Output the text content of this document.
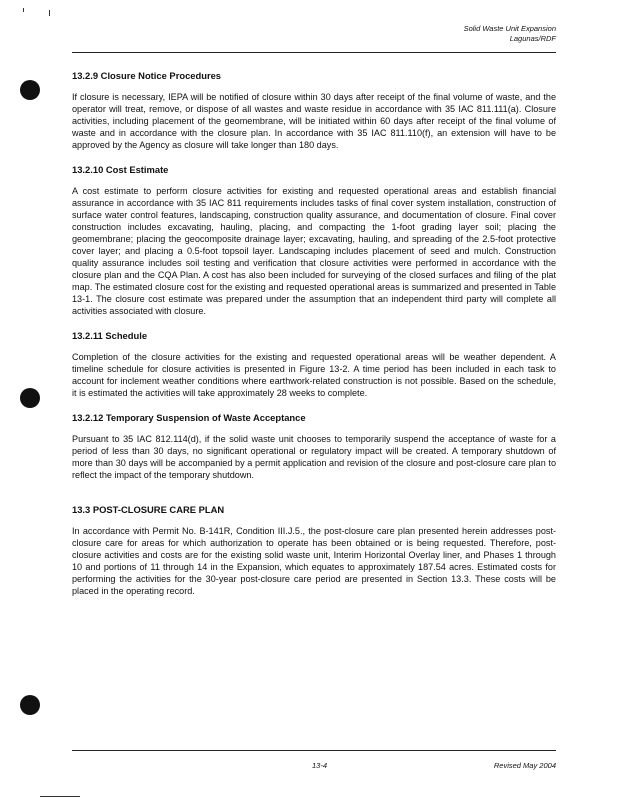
Solid Waste Unit Expansion
Lagunas/RDF
13.2.9 Closure Notice Procedures

If closure is necessary, IEPA will be notified of closure within 30 days after receipt of the final volume of waste, and the operator will treat, remove, or dispose of all wastes and waste residue in accordance with 35 IAC 811.111(a). Closure activities, including placement of the geomembrane, will be initiated within 60 days after receipt of the final volume of waste and in accordance with the closure plan. In accordance with 35 IAC 811.110(f), an extension will have to be approved by the Agency as closure will take longer than 180 days.

13.2.10 Cost Estimate

A cost estimate to perform closure activities for existing and requested operational areas and establish financial assurance in accordance with 35 IAC 811 requirements includes tasks of final cover system installation, construction of surface water control features, landscaping, construction quality assurance, and documentation of closure. Final cover construction includes excavating, hauling, placing, and compacting the 1-foot grading layer soil; placing the geomembrane; placing the geocomposite drainage layer; excavating, hauling, and spreading of the 2.5-foot protective cover layer; and placing a 0.5-foot topsoil layer. Landscaping includes placement of seed and mulch. Construction quality assurance includes soil testing and verification that closure activities were performed in accordance with the closure plan and the CQA Plan. A cost has also been included for surveying of the closed surfaces and filing of the plat map. The estimated closure cost for the existing and requested operational areas is summarized and presented in Table 13-1. The closure cost estimate was prepared under the assumption that an independent third party will complete all activities associated with closure.

13.2.11 Schedule

Completion of the closure activities for the existing and requested operational areas will be weather dependent. A timeline schedule for closure activities is presented in Figure 13-2. A time period has been included in each task to account for inclement weather conditions where earthwork-related construction is not possible. Based on the schedule, it is estimated the activities will take approximately 28 weeks to complete.

13.2.12 Temporary Suspension of Waste Acceptance

Pursuant to 35 IAC 812.114(d), if the solid waste unit chooses to temporarily suspend the acceptance of waste for a period of less than 30 days, no significant operational or regulatory impact will be created. A temporary shutdown of more than 30 days will be accompanied by a permit application and revision of the closure and post-closure care plan to reflect the impact of the temporary shutdown.

13.3 POST-CLOSURE CARE PLAN

In accordance with Permit No. B-141R, Condition III.J.5., the post-closure care plan presented herein addresses post-closure care for areas for which authorization to operate has been obtained or is being requested. Therefore, post-closure activities and costs are for the existing solid waste unit, Interim Horizontal Overlay liner, and Phases 1 through 10 and portions of 11 through 14 in the Expansion, which equates to approximately 187.54 acres. Estimated costs for performing the activities for the 30-year post-closure care period are presented in Section 13.3. These costs will be placed in the operating record.

13-4	Revised May 2004
